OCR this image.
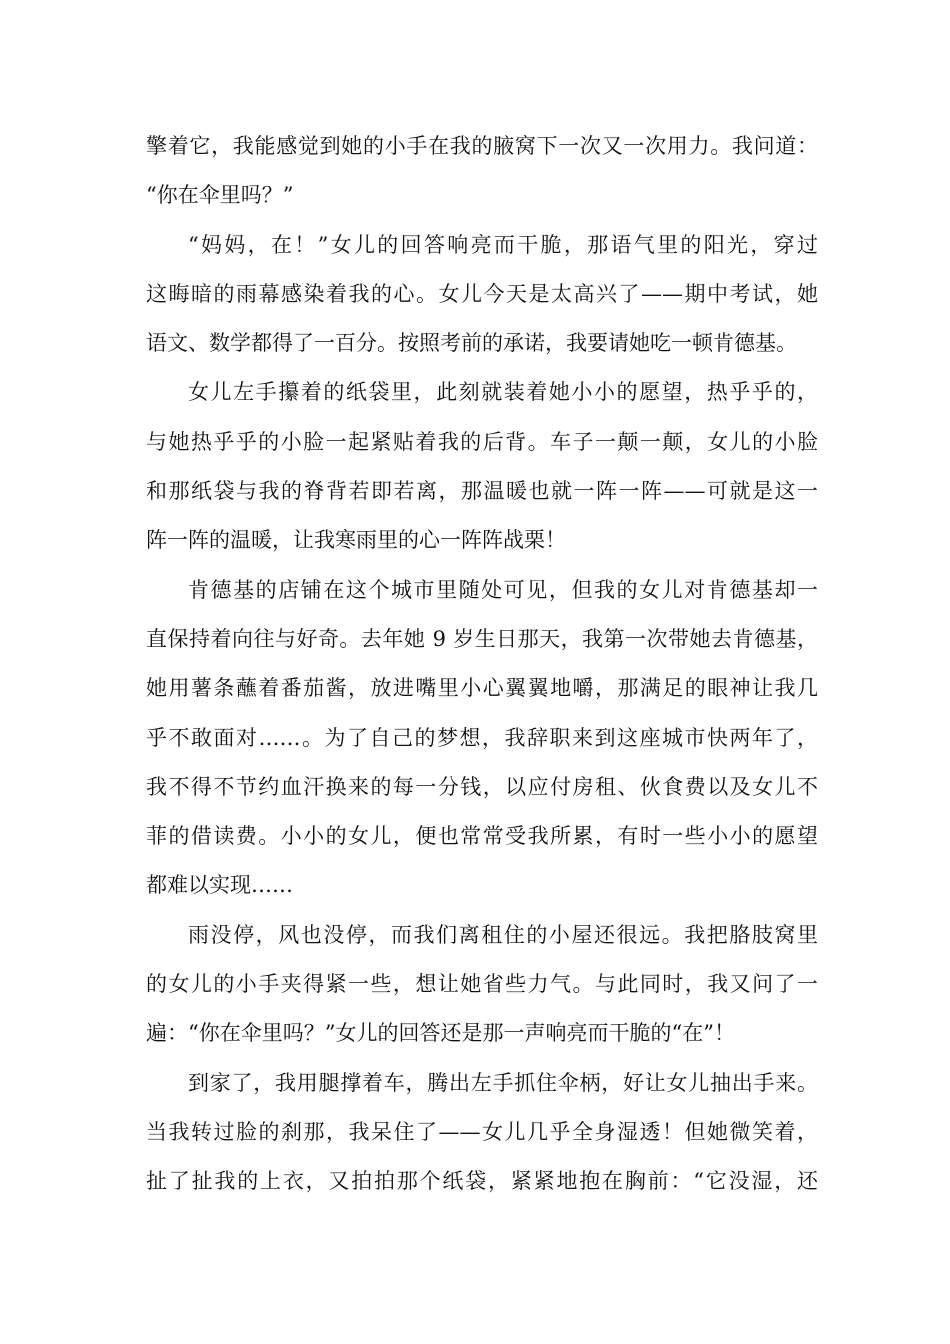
擎着它，我能感觉到她的小手在我的腋窝下一次又一次用力。我问道：
“你在伞里吗？”
“妈妈，在！”女儿的回答响亮而干脆，那语气里的阳光，穿过
这晦暗的雨幕感染着我的心。女儿今天是太高兴了——期中考试，她
语文、数学都得了一百分。按照考前的承诺，我要请她吃一顿肯德基。
女儿左手攥着的纸袋里，此刻就装着她小小的愿望，热乎乎的，
与她热乎乎的小脸一起紧贴着我的后背。车子一颠一颠，女儿的小脸
和那纸袋与我的脊背若即若离，那温暖也就一阵一阵——可就是这一
阵一阵的温暖，让我寒雨里的心一阵阵战栗！
肯德基的店铺在这个城市里随处可见，但我的女儿对肯德基却一
直保持着向往与好奇。去年她 9 岁生日那天，我第一次带她去肯德基，
她用薯条蘸着番茄酱，放进嘴里小心翼翼地嚼，那满足的眼神让我几
乎不敢面对……。为了自己的梦想，我辞职来到这座城市快两年了，
我不得不节约血汗换来的每一分钱，以应付房租、伙食费以及女儿不
菲的借读费。小小的女儿，便也常常受我所累，有时一些小小的愿望
都难以实现……
雨没停，风也没停，而我们离租住的小屋还很远。我把胳肢窝里
的女儿的小手夹得紧一些，想让她省些力气。与此同时，我又问了一
遍：“你在伞里吗？”女儿的回答还是那一声响亮而干脆的“在”！
到家了，我用腿撑着车，腾出左手抓住伞柄，好让女儿抽出手来。
当我转过脸的刹那，我呆住了——女儿几乎全身湿透！但她微笑着，
扯了扯我的上衣，又拍拍那个纸袋，紧紧地抱在胸前：“它没湿，还
